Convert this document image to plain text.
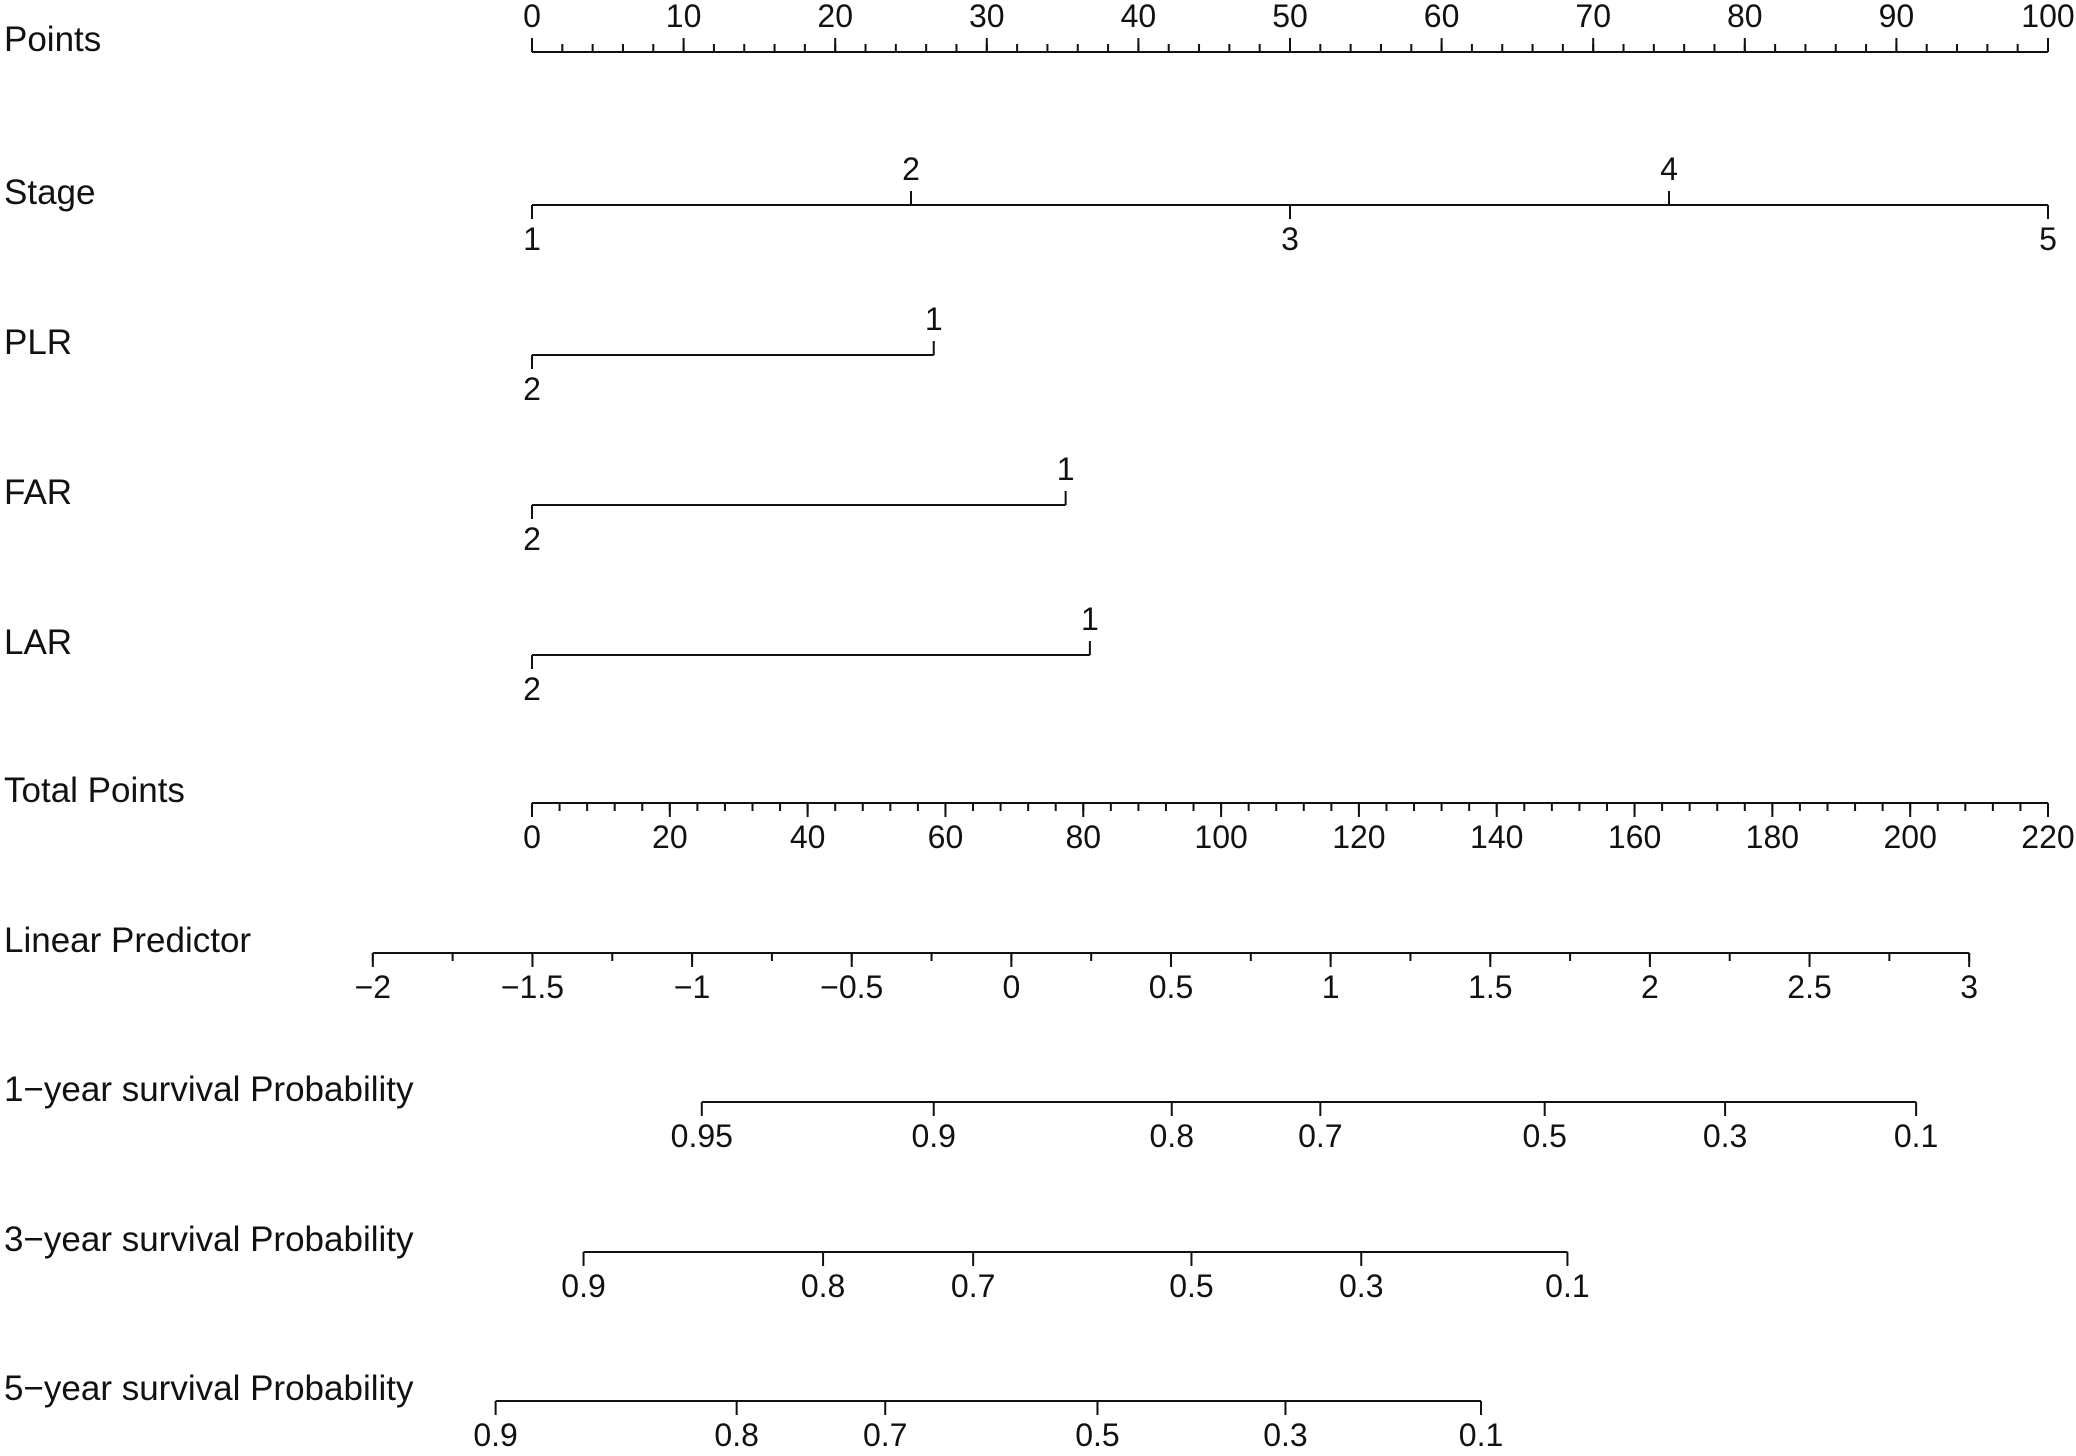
Points
0	10	20	30	40	50	60	70	80	90	100
Stage
1
2
3
4
5
PLR
2
1
FAR
2
1
LAR
2
1
Total Points
0	20	40	60	80	100	120	140	160	180	200	220
Linear Predictor
−2	−1.5	−1	−0.5	0	0.5	1	1.5	2	2.5	3
1−year survival Probability
0.95	0.9	0.8	0.7	0.5	0.3	0.1
3−year survival Probability
0.9	0.8	0.7	0.5	0.3	0.1
5−year survival Probability
0.9	0.8	0.7	0.5	0.3	0.1
